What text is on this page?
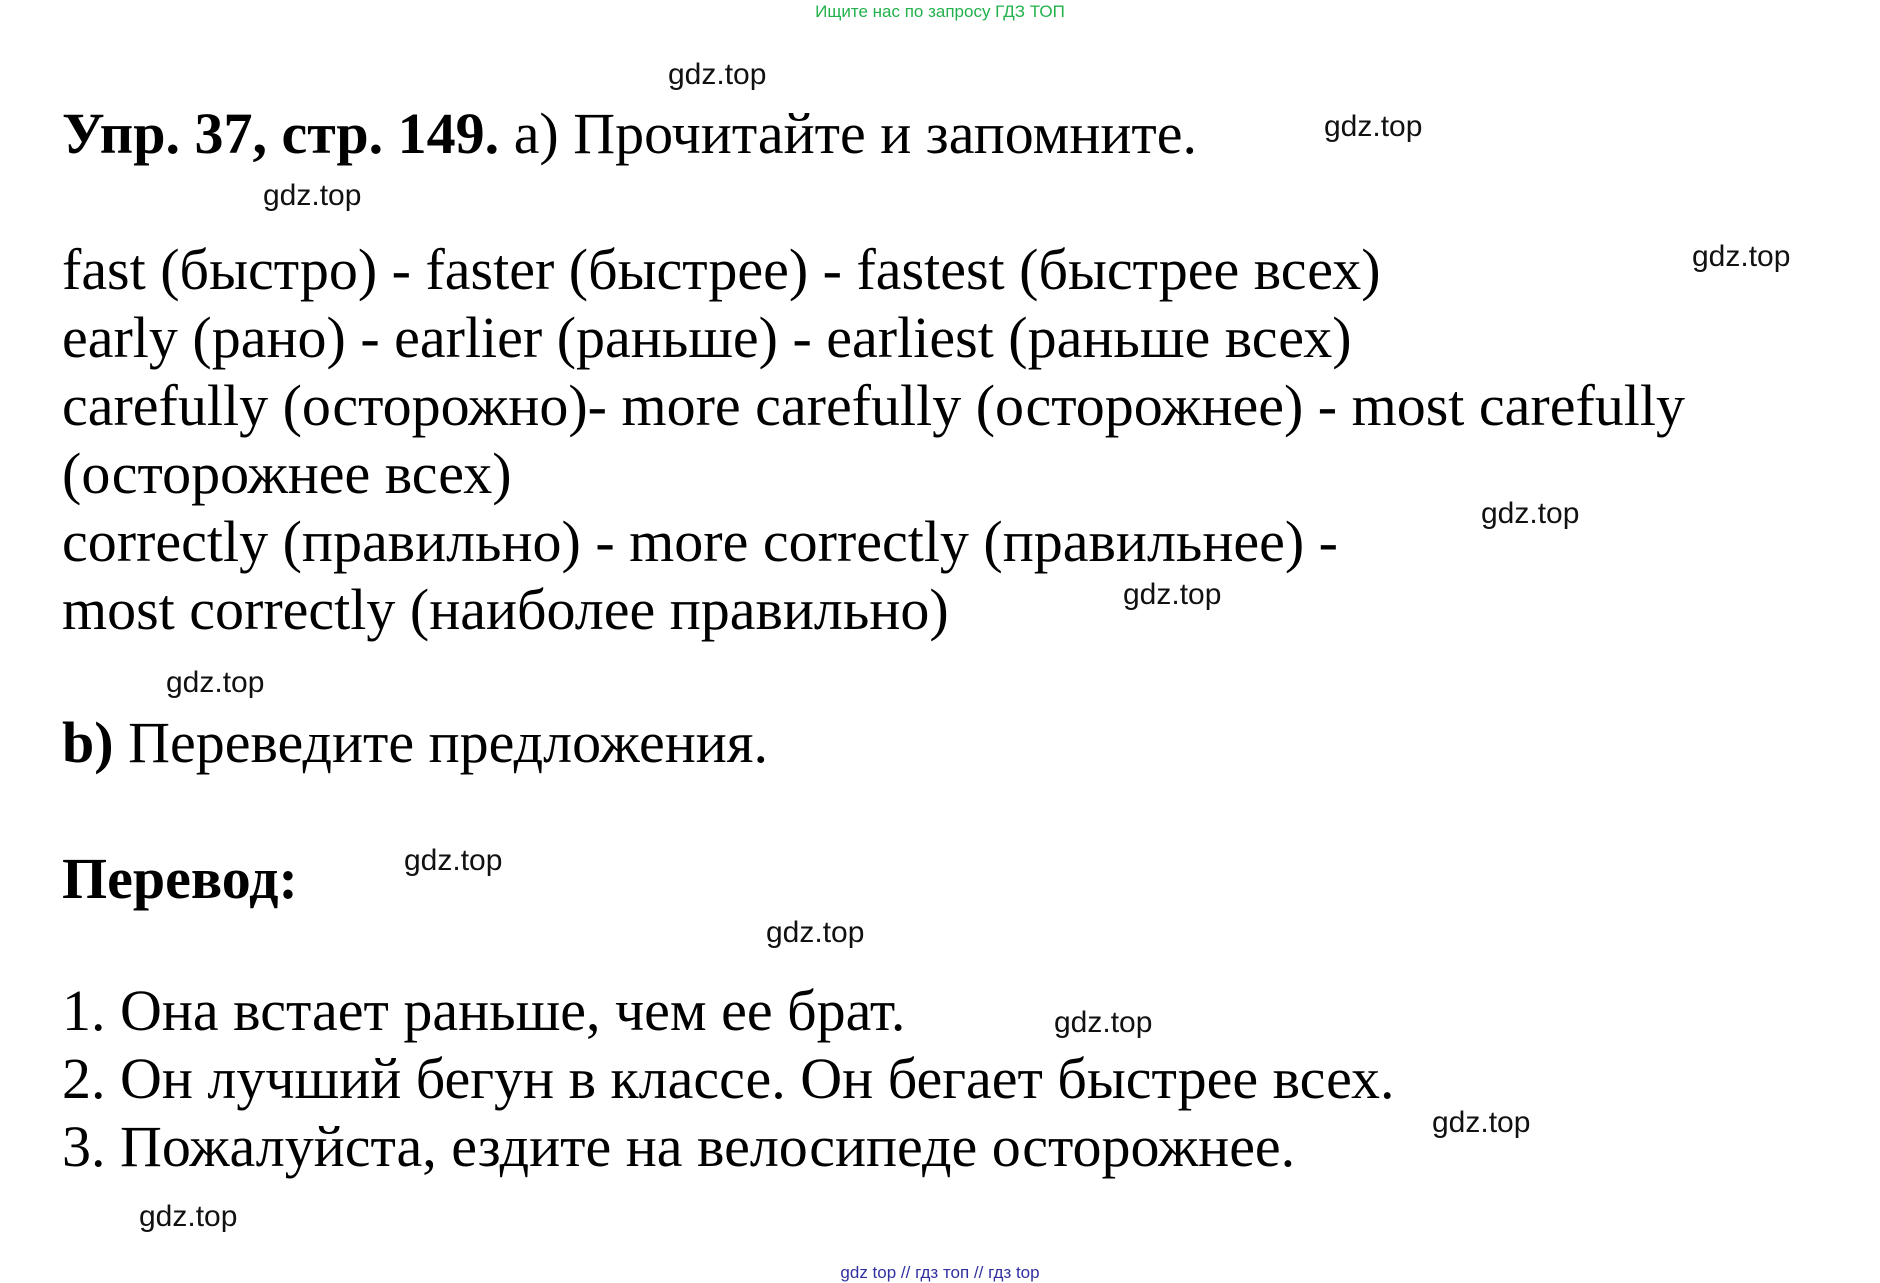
Ищите нас по запросу ГДЗ ТОП
Упр. 37, стр. 149. a) Прочитайте и запомните.
fast (быстро) - faster (быстрее) - fastest (быстрее всех)
early (рано) - earlier (раньше) - earliest (раньше всех)
carefully (осторожно)- more carefully (осторожнее) - most carefully
(осторожнее всех)
correctly (правильно) - more correctly (правильнее) -
most correctly (наиболее правильно)
b) Переведите предложения.
Перевод:
1. Она встает раньше, чем ее брат.
2. Он лучший бегун в классе. Он бегает быстрее всех.
3. Пожалуйста, ездите на велосипеде осторожнее.
gdz.top
gdz.top
gdz.top
gdz.top
gdz.top
gdz.top
gdz.top
gdz.top
gdz.top
gdz.top
gdz.top
gdz.top
gdz top // гдз топ // гдз top
